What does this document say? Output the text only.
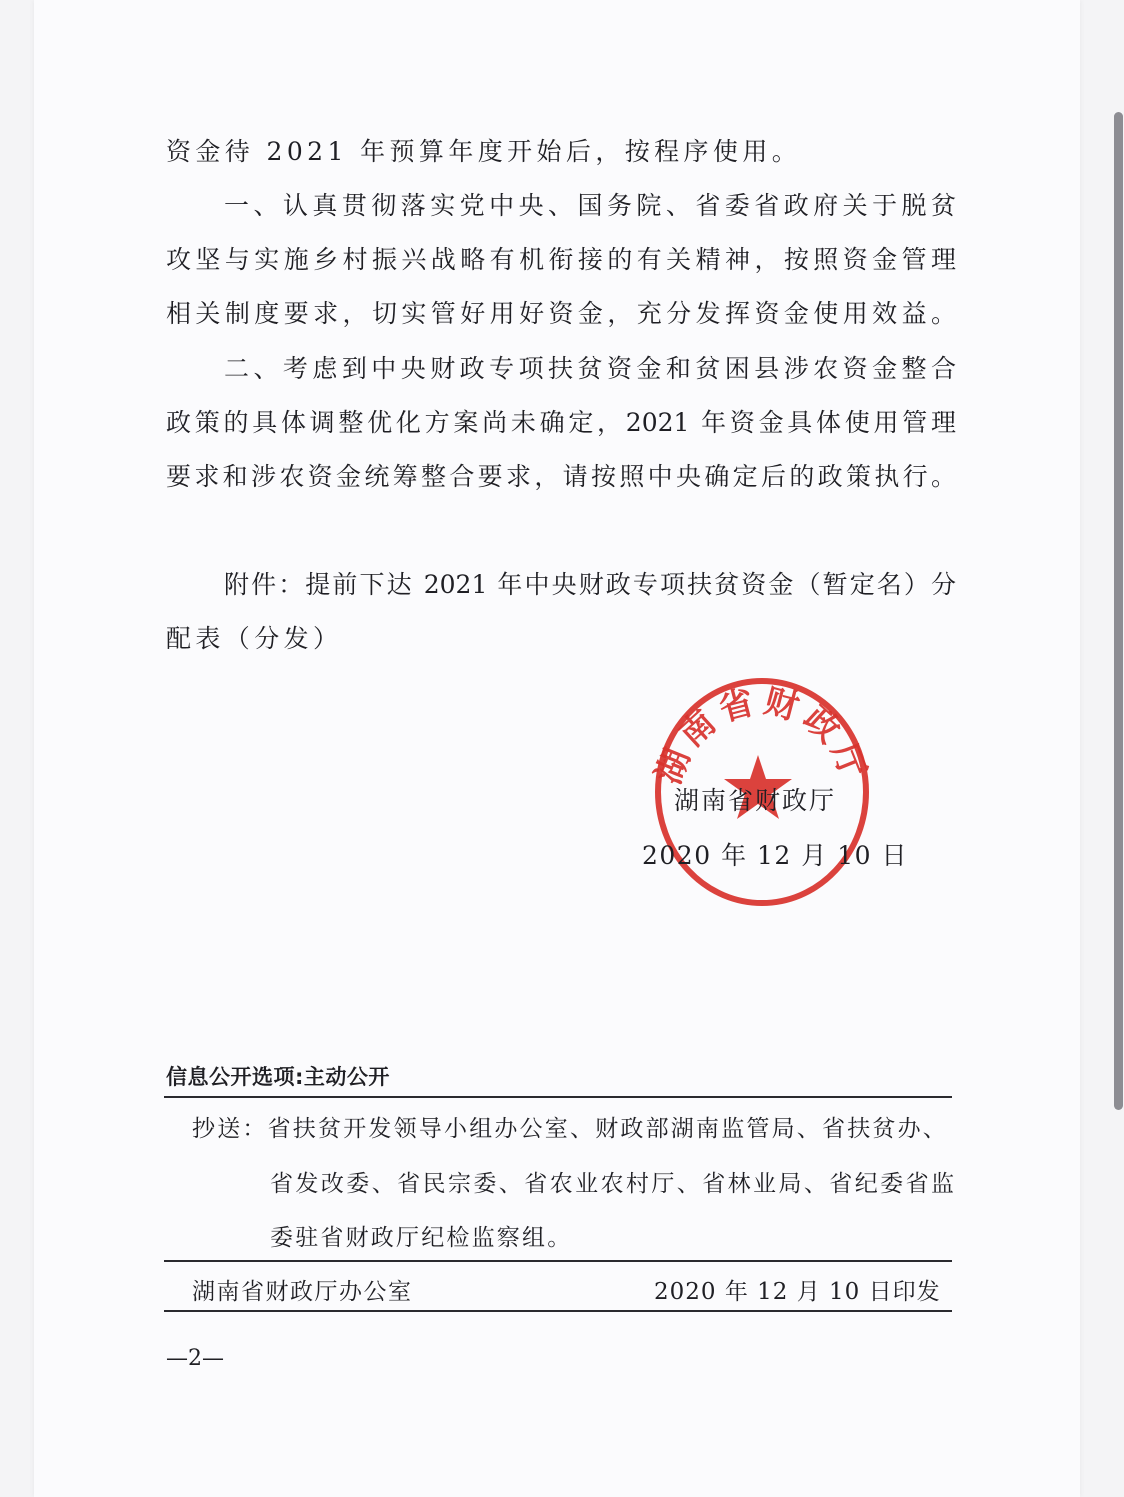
资金待 2021 年预算年度开始后，按程序使用。
一、认真贯彻落实党中央、国务院、省委省政府关于脱贫
攻坚与实施乡村振兴战略有机衔接的有关精神，按照资金管理
相关制度要求，切实管好用好资金，充分发挥资金使用效益。
二、考虑到中央财政专项扶贫资金和贫困县涉农资金整合
政策的具体调整优化方案尚未确定，2021 年资金具体使用管理
要求和涉农资金统筹整合要求，请按照中央确定后的政策执行。
附件：提前下达 2021 年中央财政专项扶贫资金（暂定名）分
配表（分发）
湖南省财政厅
湖南省财政厅
2020 年 12 月 10 日
信息公开选项:主动公开
抄送：省扶贫开发领导小组办公室、财政部湖南监管局、省扶贫办、
省发改委、省民宗委、省农业农村厅、省林业局、省纪委省监
委驻省财政厅纪检监察组。
湖南省财政厅办公室	2020 年 12 月 10 日印发
—2—
